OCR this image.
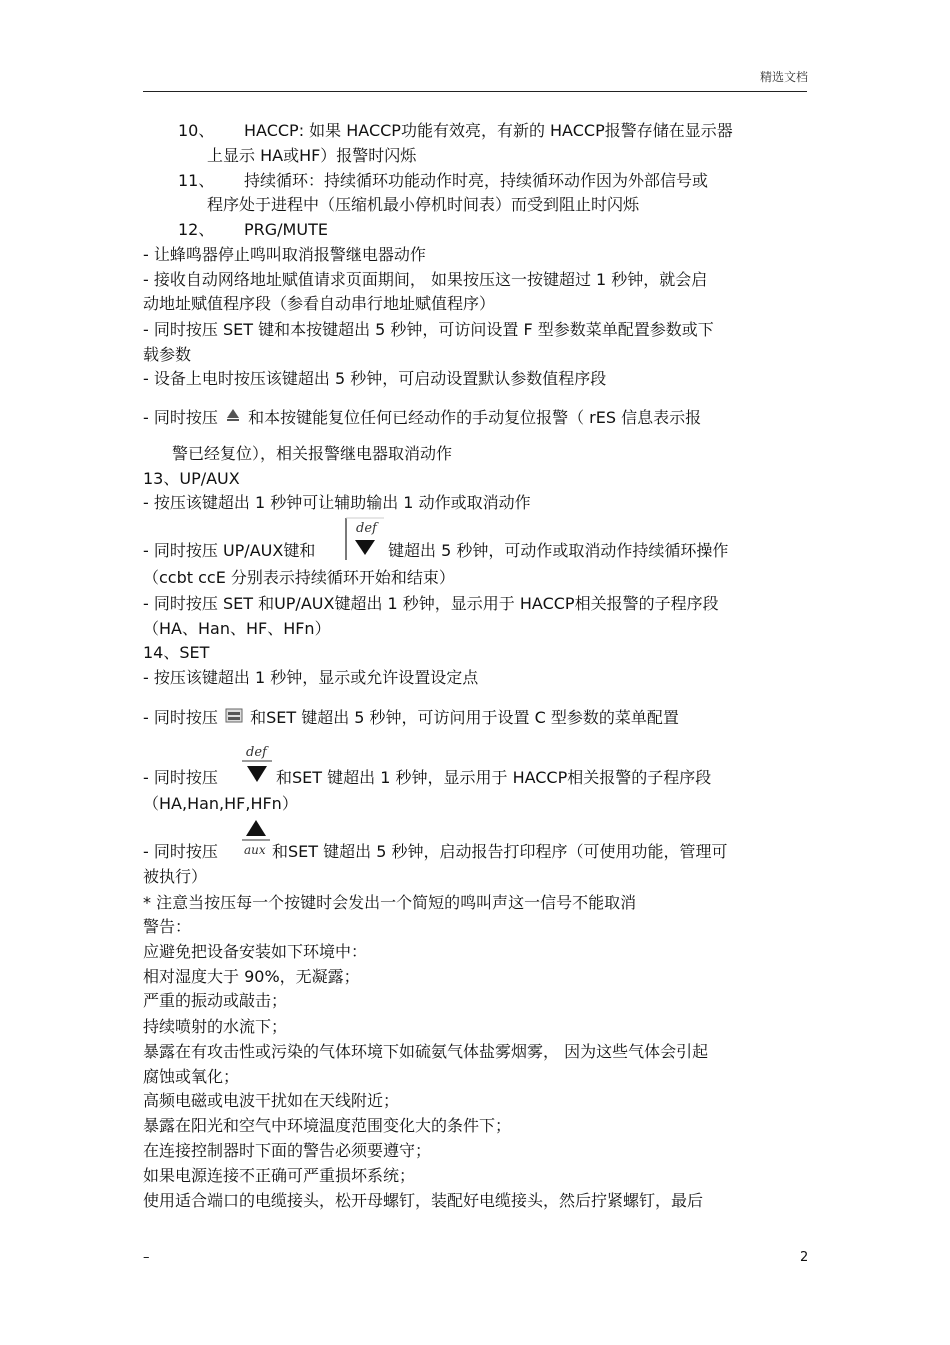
精选文档
10、 HACCP: 如果 HACCP功能有效亮，有新的 HACCP报警存储在显示器
上显示 HA或HF）报警时闪烁
11、 持续循环：持续循环功能动作时亮，持续循环动作因为外部信号或
程序处于进程中（压缩机最小停机时间表）而受到阻止时闪烁
12、 PRG/MUTE
- 让蜂鸣器停止鸣叫取消报警继电器动作
- 接收自动网络地址赋值请求页面期间， 如果按压这一按键超过 1 秒钟，就会启
动地址赋值程序段（参看自动串行地址赋值程序）
- 同时按压 SET 键和本按键超出 5 秒钟，可访问设置 F 型参数菜单配置参数或下
载参数
- 设备上电时按压该键超出 5 秒钟，可启动设置默认参数值程序段
- 同时按压 和本按键能复位任何已经动作的手动复位报警（ rES 信息表示报
警已经复位），相关报警继电器取消动作
13、UP/AUX
- 按压该键超出 1 秒钟可让辅助输出 1 动作或取消动作
- 同时按压 UP/AUX键和
def
键超出 5 秒钟，可动作或取消动作持续循环操作
（ccbt ccE 分别表示持续循环开始和结束）
- 同时按压 SET 和UP/AUX键超出 1 秒钟，显示用于 HACCP相关报警的子程序段
（HA、Han、HF、HFn）
14、SET
- 按压该键超出 1 秒钟，显示或允许设置设定点
- 同时按压 和SET 键超出 5 秒钟，可访问用于设置 C 型参数的菜单配置
def
- 同时按压	和SET 键超出 1 秒钟，显示用于 HACCP相关报警的子程序段
（HA,Han,HF,HFn）
aux
- 同时按压	和SET 键超出 5 秒钟，启动报告打印程序（可使用功能，管理可
被执行）
* 注意当按压每一个按键时会发出一个简短的鸣叫声这一信号不能取消
警告：
应避免把设备安装如下环境中：
相对湿度大于 90%，无凝露；
严重的振动或敲击；
持续喷射的水流下；
暴露在有攻击性或污染的气体环境下如硫氨气体盐雾烟雾， 因为这些气体会引起
腐蚀或氧化；
高频电磁或电波干扰如在天线附近；
暴露在阳光和空气中环境温度范围变化大的条件下；
在连接控制器时下面的警告必须要遵守；
如果电源连接不正确可严重损坏系统；
使用适合端口的电缆接头，松开母螺钉，装配好电缆接头，然后拧紧螺钉，最后
–	2
